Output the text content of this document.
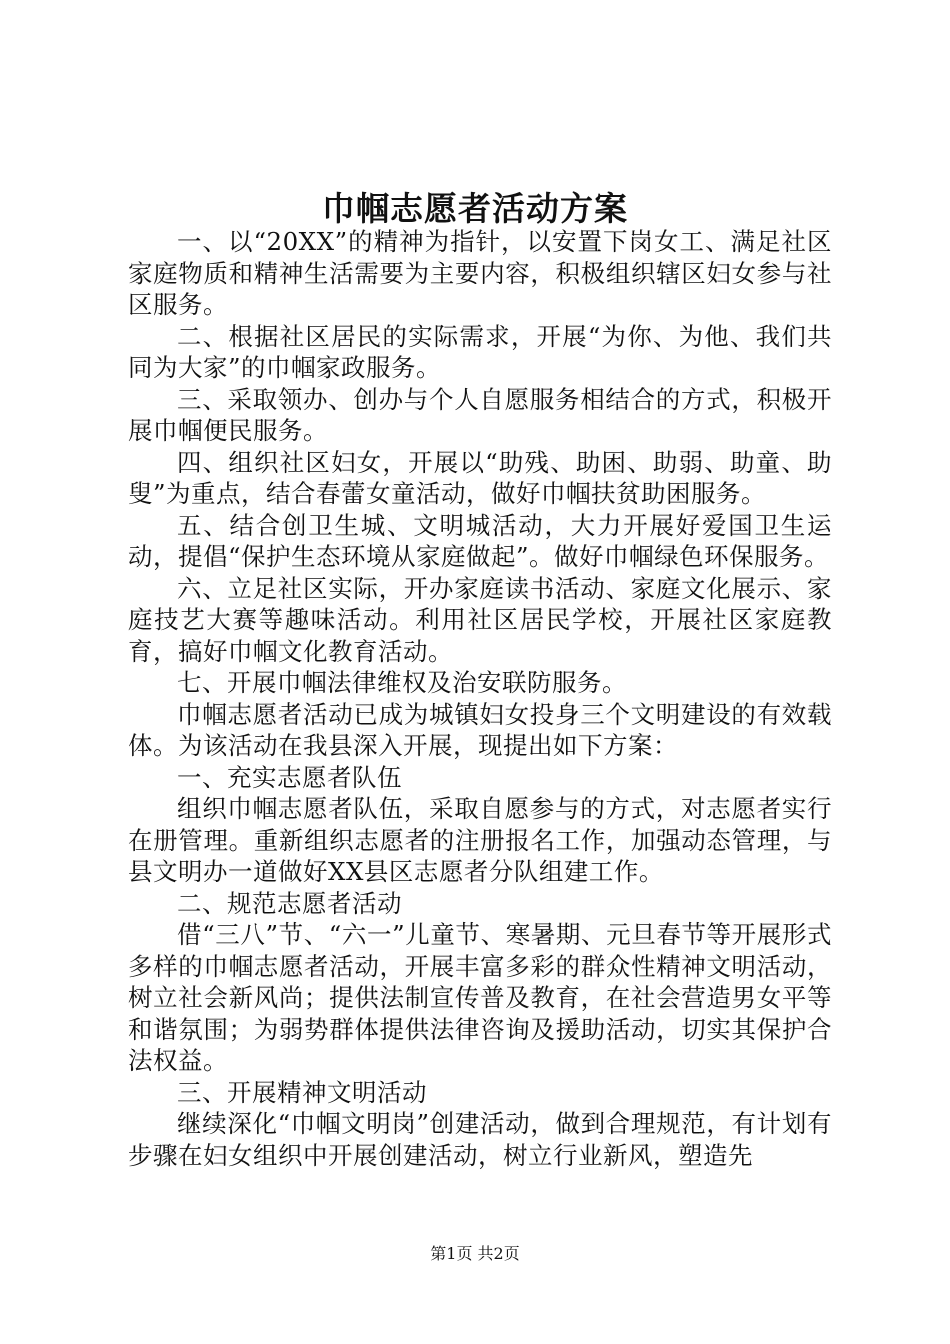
巾帼志愿者活动方案

一、以“20XX”的精神为指针，以安置下岗女工、满足社区家庭物质和精神生活需要为主要内容，积极组织辖区妇女参与社区服务。

二、根据社区居民的实际需求，开展“为你、为他、我们共同为大家”的巾帼家政服务。

三、采取领办、创办与个人自愿服务相结合的方式，积极开展巾帼便民服务。

四、组织社区妇女，开展以“助残、助困、助弱、助童、助叟”为重点，结合春蕾女童活动，做好巾帼扶贫助困服务。

五、结合创卫生城、文明城活动，大力开展好爱国卫生运动，提倡“保护生态环境从家庭做起”。做好巾帼绿色环保服务。

六、立足社区实际，开办家庭读书活动、家庭文化展示、家庭技艺大赛等趣味活动。利用社区居民学校，开展社区家庭教育，搞好巾帼文化教育活动。

七、开展巾帼法律维权及治安联防服务。

巾帼志愿者活动已成为城镇妇女投身三个文明建设的有效载体。为该活动在我县深入开展，现提出如下方案：

一、充实志愿者队伍

组织巾帼志愿者队伍，采取自愿参与的方式，对志愿者实行在册管理。重新组织志愿者的注册报名工作，加强动态管理，与县文明办一道做好XX县区志愿者分队组建工作。

二、规范志愿者活动

借“三八”节、“六一”儿童节、寒暑期、元旦春节等开展形式多样的巾帼志愿者活动，开展丰富多彩的群众性精神文明活动，树立社会新风尚；提供法制宣传普及教育，在社会营造男女平等和谐氛围；为弱势群体提供法律咨询及援助活动，切实其保护合法权益。

三、开展精神文明活动

继续深化“巾帼文明岗”创建活动，做到合理规范，有计划有步骤在妇女组织中开展创建活动，树立行业新风，塑造先

第1页 共2页
